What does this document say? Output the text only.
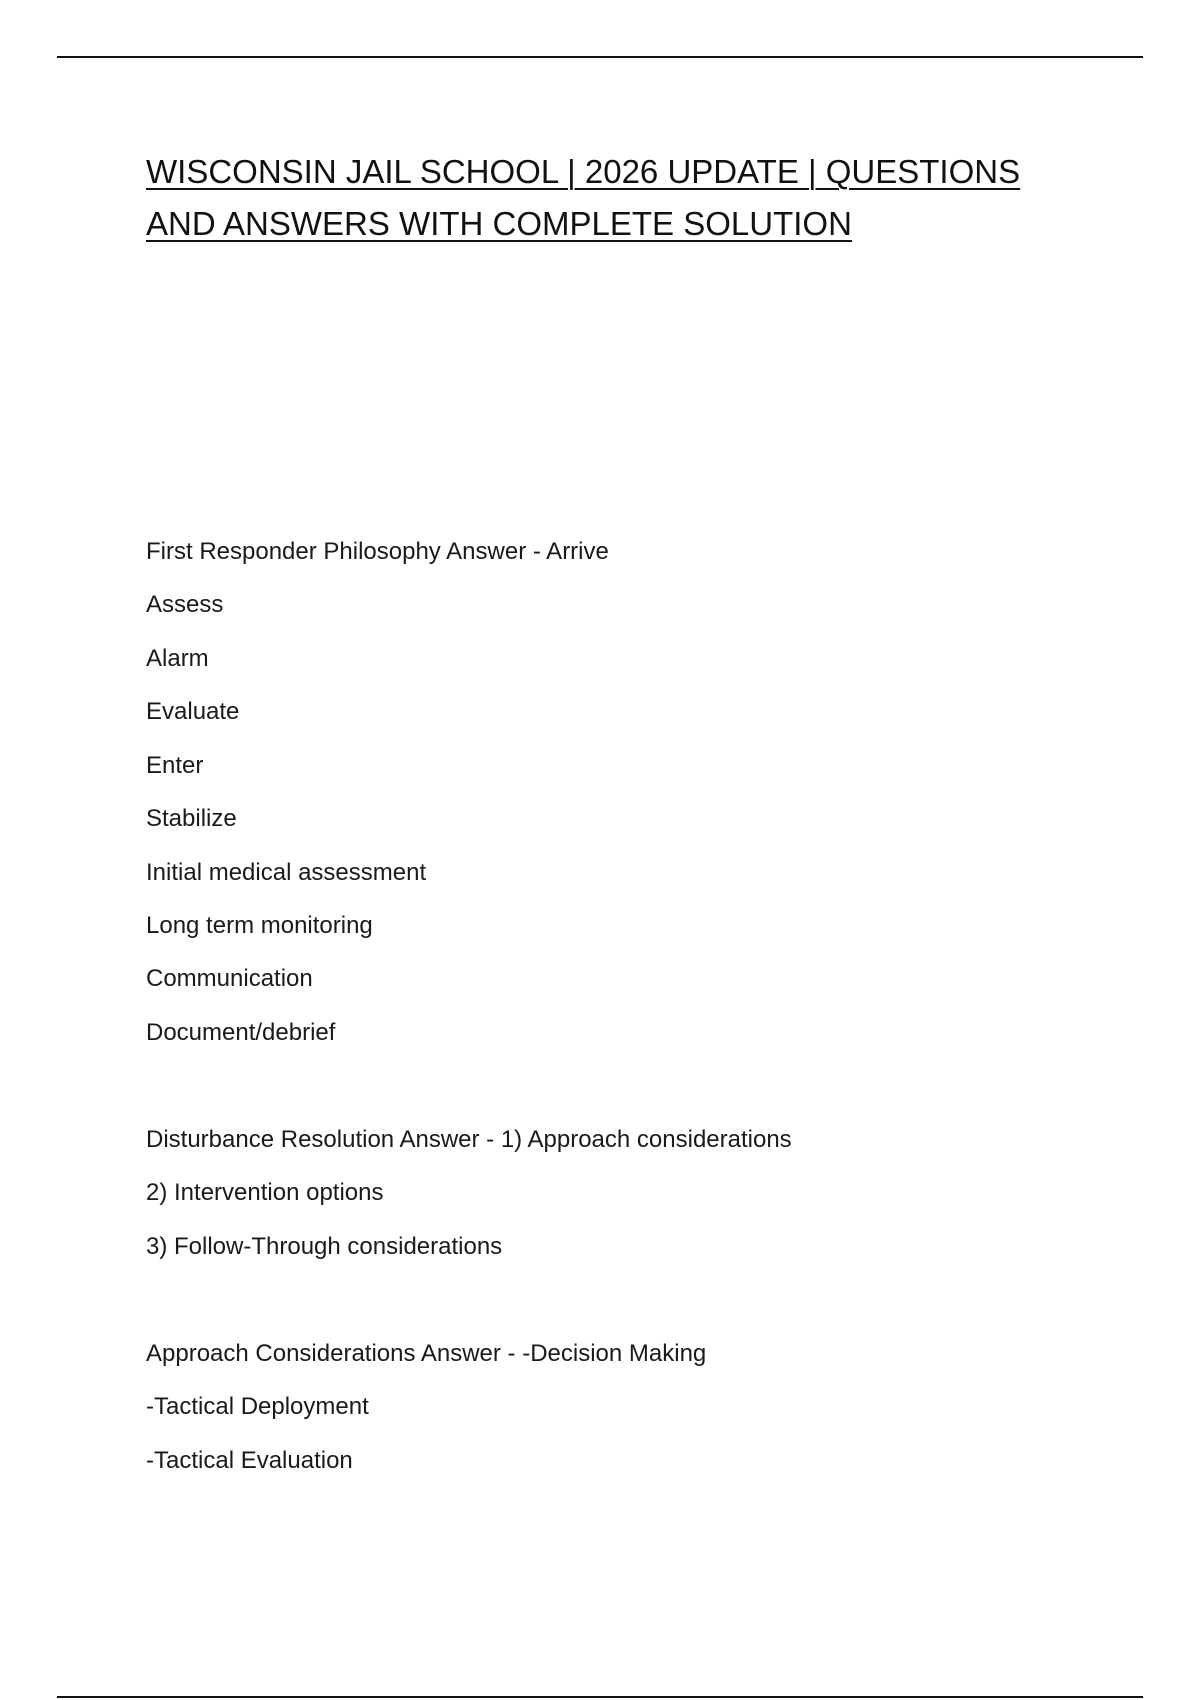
WISCONSIN JAIL SCHOOL | 2026 UPDATE | QUESTIONS
AND ANSWERS WITH COMPLETE SOLUTION
First Responder Philosophy Answer - Arrive
Assess
Alarm
Evaluate
Enter
Stabilize
Initial medical assessment
Long term monitoring
Communication
Document/debrief
Disturbance Resolution Answer - 1) Approach considerations
2) Intervention options
3) Follow-Through considerations
Approach Considerations Answer - -Decision Making
-Tactical Deployment
-Tactical Evaluation
